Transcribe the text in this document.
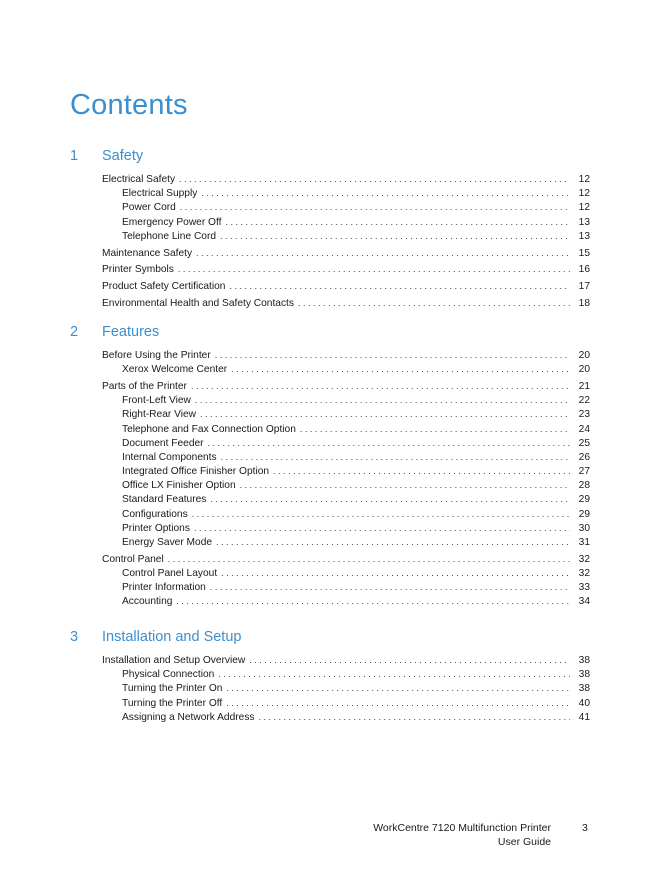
Contents
1	Safety
Electrical Safety . . .	12
Electrical Supply . . .	12
Power Cord . . .	12
Emergency Power Off . . .	13
Telephone Line Cord . . .	13
Maintenance Safety . . .	15
Printer Symbols . . .	16
Product Safety Certification . . .	17
Environmental Health and Safety Contacts . . .	18
2	Features
Before Using the Printer . . .	20
Xerox Welcome Center . . .	20
Parts of the Printer . . .	21
Front-Left View . . .	22
Right-Rear View . . .	23
Telephone and Fax Connection Option . . .	24
Document Feeder . . .	25
Internal Components . . .	26
Integrated Office Finisher Option . . .	27
Office LX Finisher Option . . .	28
Standard Features . . .	29
Configurations . . .	29
Printer Options . . .	30
Energy Saver Mode . . .	31
Control Panel . . .	32
Control Panel Layout . . .	32
Printer Information . . .	33
Accounting . . .	34
3	Installation and Setup
Installation and Setup Overview . . .	38
Physical Connection . . .	38
Turning the Printer On . . .	38
Turning the Printer Off . . .	40
Assigning a Network Address . . .	41
WorkCentre 7120 Multifunction Printer
User Guide
3
